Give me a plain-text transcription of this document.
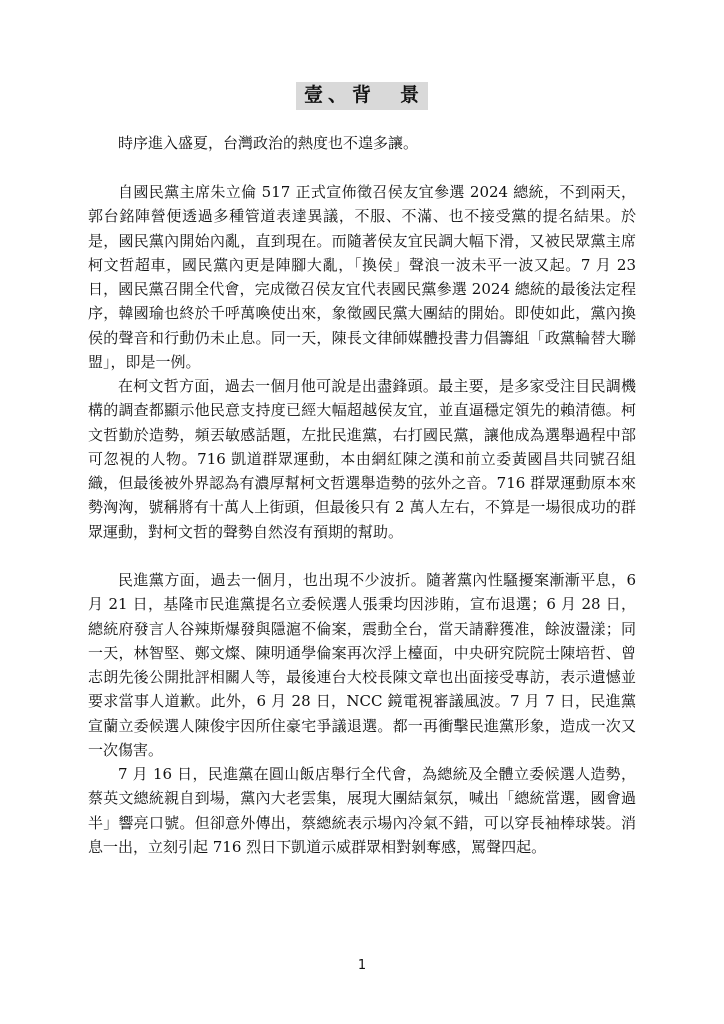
壹、背　景

時序進入盛夏，台灣政治的熱度也不遑多讓。

自國民黨主席朱立倫 517 正式宣佈徵召侯友宜參選 2024 總統，不到兩天，郭台銘陣營便透過多種管道表達異議，不服、不滿、也不接受黨的提名結果。於是，國民黨內開始內亂，直到現在。而隨著侯友宜民調大幅下滑，又被民眾黨主席柯文哲超車，國民黨內更是陣腳大亂，「換侯」聲浪一波未平一波又起。7 月 23 日，國民黨召開全代會，完成徵召侯友宜代表國民黨參選 2024 總統的最後法定程序，韓國瑜也終於千呼萬喚使出來，象徵國民黨大團結的開始。即使如此，黨內換侯的聲音和行動仍未止息。同一天，陳長文律師媒體投書力倡籌組「政黨輪替大聯盟」，即是一例。

在柯文哲方面，過去一個月他可說是出盡鋒頭。最主要，是多家受注目民調機構的調查都顯示他民意支持度已經大幅超越侯友宜，並直逼穩定領先的賴清德。柯文哲勤於造勢，頻丟敏感話題，左批民進黨，右打國民黨，讓他成為選舉過程中部可忽視的人物。716 凱道群眾運動，本由網紅陳之漢和前立委黃國昌共同號召組織，但最後被外界認為有濃厚幫柯文哲選舉造勢的弦外之音。716 群眾運動原本來勢洶洶，號稱將有十萬人上街頭，但最後只有 2 萬人左右，不算是一場很成功的群眾運動，對柯文哲的聲勢自然沒有預期的幫助。

民進黨方面，過去一個月，也出現不少波折。隨著黨內性騷擾案漸漸平息，6 月 21 日，基隆市民進黨提名立委候選人張秉均因涉賄，宣布退選；6 月 28 日，總統府發言人谷辣斯爆發與隱滬不倫案，震動全台，當天請辭獲准，餘波盪漾；同一天，林智堅、鄭文燦、陳明通學倫案再次浮上檯面，中央研究院院士陳培哲、曾志朗先後公開批評相關人等，最後連台大校長陳文章也出面接受專訪，表示遺憾並要求當事人道歉。此外，6 月 28 日，NCC 鏡電視審議風波。7 月 7 日，民進黨宣蘭立委候選人陳俊宇因所住豪宅爭議退選。都一再衝擊民進黨形象，造成一次又一次傷害。

7 月 16 日，民進黨在圓山飯店舉行全代會，為總統及全體立委候選人造勢，蔡英文總統親自到場，黨內大老雲集，展現大團結氣氛，喊出「總統當選，國會過半」響亮口號。但卻意外傳出，蔡總統表示場內冷氣不錯，可以穿長袖棒球裝。消息一出，立刻引起 716 烈日下凱道示威群眾相對剝奪感，罵聲四起。

1
